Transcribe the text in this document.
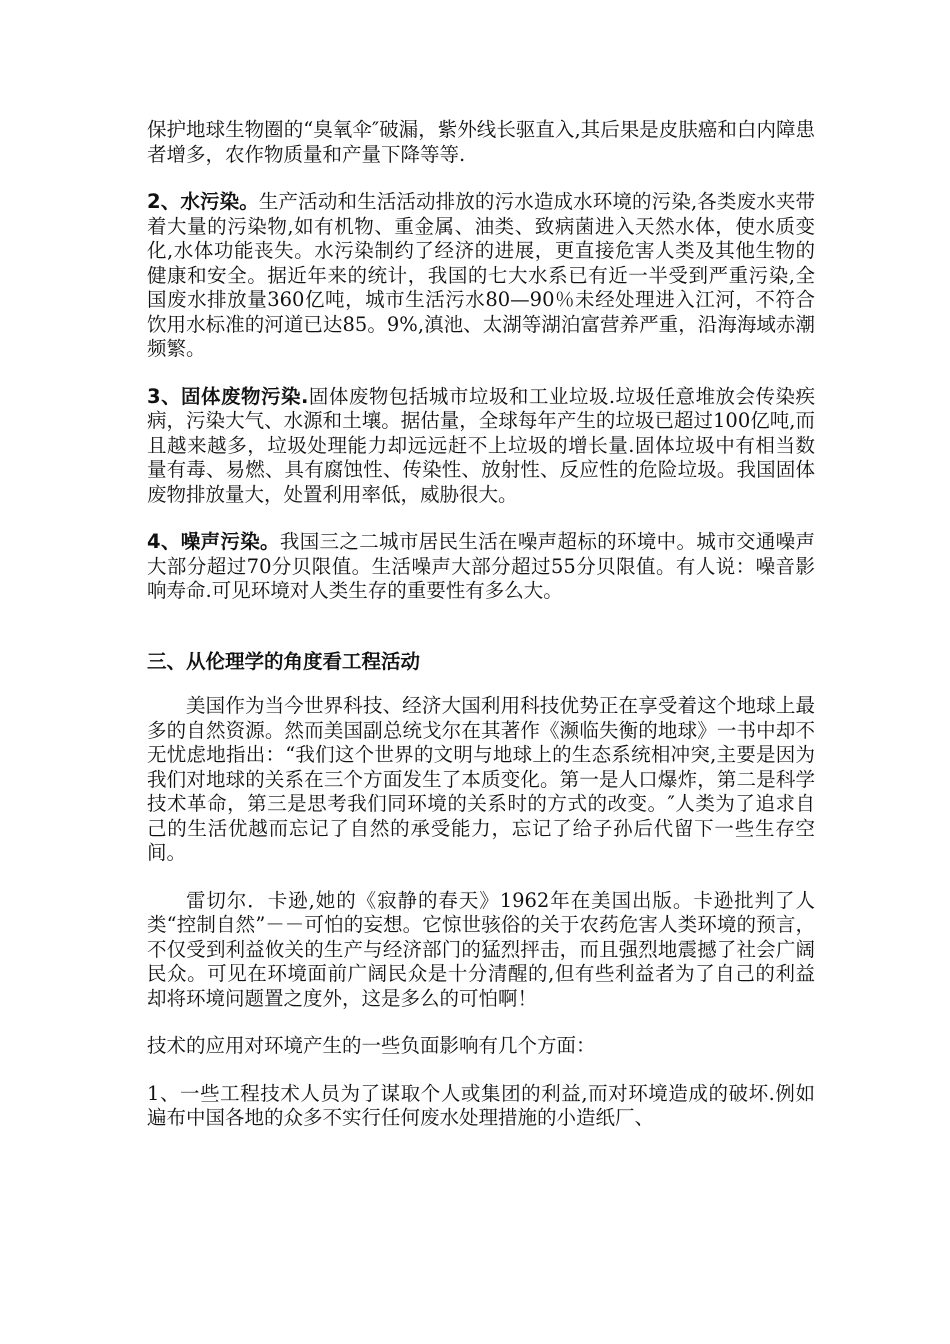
保护地球生物圈的“臭氧伞″破漏，紫外线长驱直入,其后果是皮肤癌和白内障患者增多，农作物质量和产量下降等等.

2、水污染。生产活动和生活活动排放的污水造成水环境的污染,各类废水夹带着大量的污染物,如有机物、重金属、油类、致病菌进入天然水体，使水质变化,水体功能丧失。水污染制约了经济的进展，更直接危害人类及其他生物的健康和安全。据近年来的统计，我国的七大水系已有近一半受到严重污染,全国废水排放量360亿吨，城市生活污水80—90％未经处理进入江河，不符合饮用水标准的河道已达85。9%,滇池、太湖等湖泊富营养严重，沿海海域赤潮频繁。

3、固体废物污染.固体废物包括城市垃圾和工业垃圾.垃圾任意堆放会传染疾病，污染大气、水源和土壤。据估量，全球每年产生的垃圾已超过100亿吨,而且越来越多，垃圾处理能力却远远赶不上垃圾的增长量.固体垃圾中有相当数量有毒、易燃、具有腐蚀性、传染性、放射性、反应性的危险垃圾。我国固体废物排放量大，处置利用率低，威胁很大。

4、噪声污染。我国三之二城市居民生活在噪声超标的环境中。城市交通噪声大部分超过70分贝限值。生活噪声大部分超过55分贝限值。有人说：噪音影响寿命.可见环境对人类生存的重要性有多么大。

三、从伦理学的角度看工程活动

美国作为当今世界科技、经济大国利用科技优势正在享受着这个地球上最多的自然资源。然而美国副总统戈尔在其著作《濒临失衡的地球》一书中却不无忧虑地指出：“我们这个世界的文明与地球上的生态系统相冲突,主要是因为我们对地球的关系在三个方面发生了本质变化。第一是人口爆炸，第二是科学技术革命，第三是思考我们同环境的关系时的方式的改变。″人类为了追求自己的生活优越而忘记了自然的承受能力，忘记了给子孙后代留下一些生存空间。

雷切尔．卡逊,她的《寂静的春天》1962年在美国出版。卡逊批判了人类“控制自然”－－可怕的妄想。它惊世骇俗的关于农药危害人类环境的预言，不仅受到利益攸关的生产与经济部门的猛烈抨击，而且强烈地震撼了社会广阔民众。可见在环境面前广阔民众是十分清醒的,但有些利益者为了自己的利益却将环境问题置之度外，这是多么的可怕啊！

技术的应用对环境产生的一些负面影响有几个方面：

1、一些工程技术人员为了谋取个人或集团的利益,而对环境造成的破坏.例如遍布中国各地的众多不实行任何废水处理措施的小造纸厂、
